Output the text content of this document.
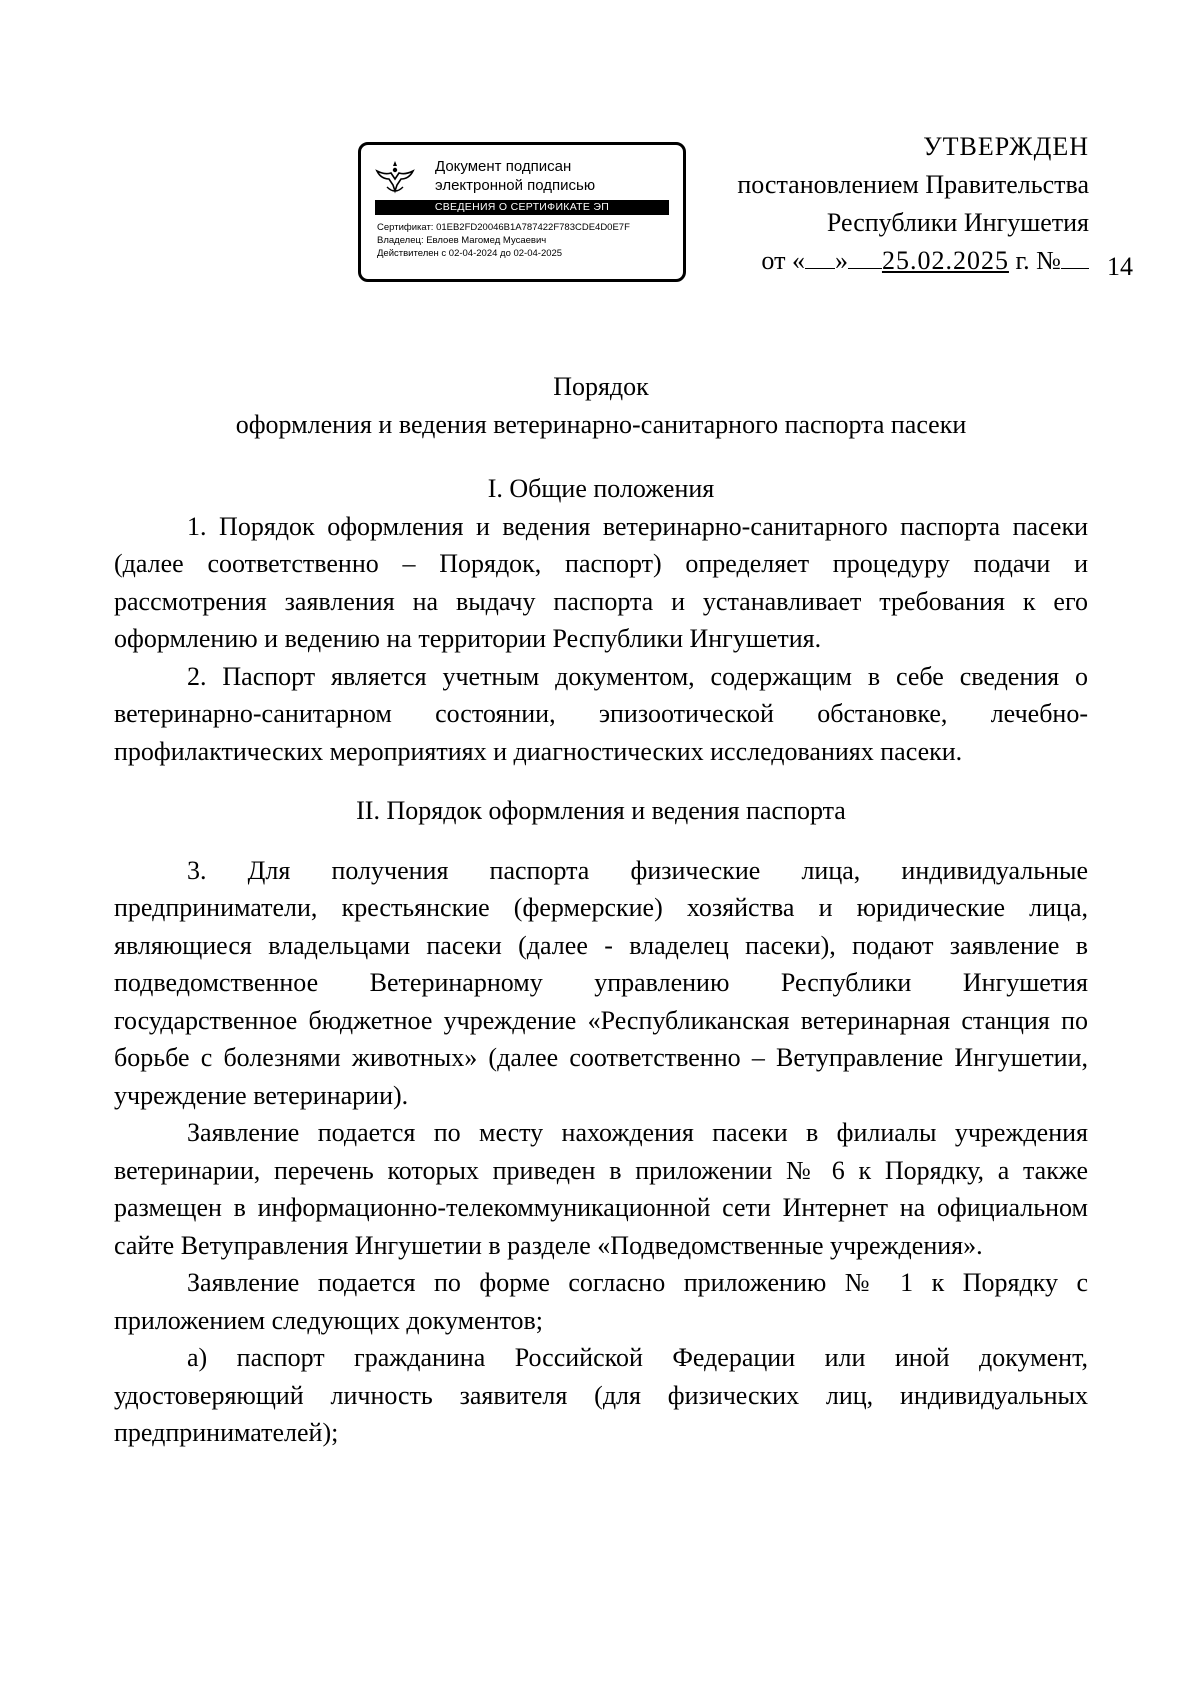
Документ подписан
электронной подписью
СВЕДЕНИЯ О СЕРТИФИКАТЕ ЭП
Сертификат: 01EB2FD20046B1A787422F783CDE4D0E7F
Владелец: Евлоев Магомед Мусаевич
Действителен с 02-04-2024 до 02-04-2025
УТВЕРЖДЕН
постановлением Правительства
Республики Ингушетия
от « » 25.02.2025 г. №	14
Порядок
оформления и ведения ветеринарно-санитарного паспорта пасеки
I. Общие положения

1. Порядок оформления и ведения ветеринарно-санитарного паспорта пасеки (далее соответственно – Порядок, паспорт) определяет процедуру подачи и рассмотрения заявления на выдачу паспорта и устанавливает требования к его оформлению и ведению на территории Республики Ингушетия.

2. Паспорт является учетным документом, содержащим в себе сведения о ветеринарно-санитарном состоянии, эпизоотической обстановке, лечебно-профилактических мероприятиях и диагностических исследованиях пасеки.

II. Порядок оформления и ведения паспорта

3. Для получения паспорта физические лица, индивидуальные предприниматели, крестьянские (фермерские) хозяйства и юридические лица, являющиеся владельцами пасеки (далее - владелец пасеки), подают заявление в подведомственное Ветеринарному управлению Республики Ингушетия государственное бюджетное учреждение «Республиканская ветеринарная станция по борьбе с болезнями животных» (далее соответственно – Ветуправление Ингушетии, учреждение ветеринарии).

Заявление подается по месту нахождения пасеки в филиалы учреждения ветеринарии, перечень которых приведен в приложении № 6 к Порядку, а также размещен в информационно-телекоммуникационной сети Интернет на официальном сайте Ветуправления Ингушетии в разделе «Подведомственные учреждения».

Заявление подается по форме согласно приложению № 1 к Порядку с приложением следующих документов;

а) паспорт гражданина Российской Федерации или иной документ, удостоверяющий личность заявителя (для физических лиц, индивидуальных предпринимателей);
